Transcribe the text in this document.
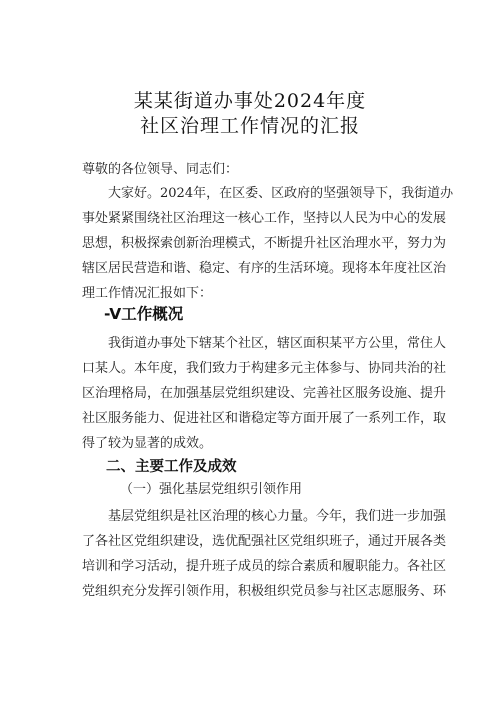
某某街道办事处2024年度
社区治理工作情况的汇报
尊敬的各位领导、同志们：
大家好。2024年，在区委、区政府的坚强领导下，我街道办
事处紧紧围绕社区治理这一核心工作，坚持以人民为中心的发展
思想，积极探索创新治理模式，不断提升社区治理水平，努力为
辖区居民营造和谐、稳定、有序的生活环境。现将本年度社区治
理工作情况汇报如下：
-V工作概况
我街道办事处下辖某个社区，辖区面积某平方公里，常住人
口某人。本年度，我们致力于构建多元主体参与、协同共治的社
区治理格局，在加强基层党组织建设、完善社区服务设施、提升
社区服务能力、促进社区和谐稳定等方面开展了一系列工作，取
得了较为显著的成效。
二、主要工作及成效
（一）强化基层党组织引领作用
基层党组织是社区治理的核心力量。今年，我们进一步加强
了各社区党组织建设，选优配强社区党组织班子，通过开展各类
培训和学习活动，提升班子成员的综合素质和履职能力。各社区
党组织充分发挥引领作用，积极组织党员参与社区志愿服务、环
